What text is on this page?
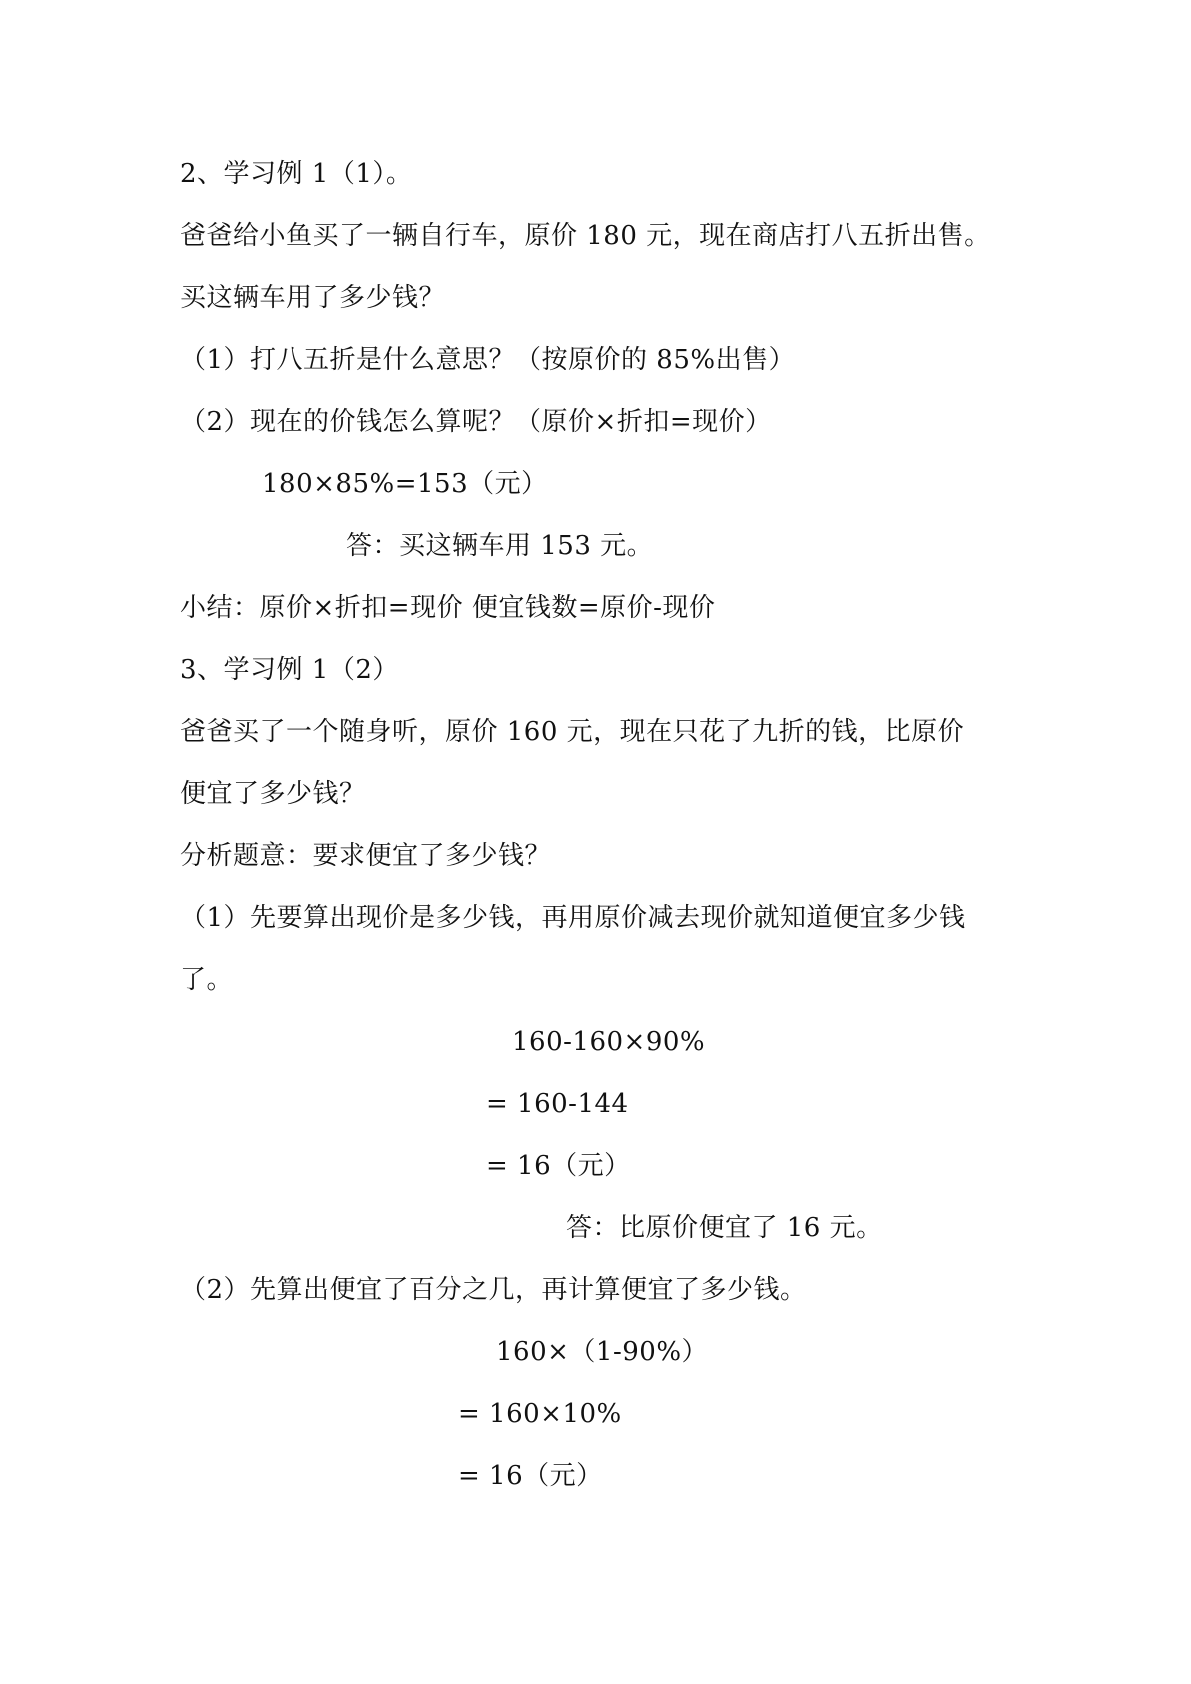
2、学习例 1（1）。
爸爸给小鱼买了一辆自行车，原价 180 元，现在商店打八五折出售。
买这辆车用了多少钱？
（1）打八五折是什么意思？（按原价的 85%出售）
（2）现在的价钱怎么算呢？（原价×折扣=现价）
180×85%=153（元）
答：买这辆车用 153 元。
小结：原价×折扣=现价 便宜钱数=原价-现价
3、学习例 1（2）
爸爸买了一个随身听，原价 160 元，现在只花了九折的钱，比原价
便宜了多少钱？
分析题意：要求便宜了多少钱？
（1）先要算出现价是多少钱，再用原价减去现价就知道便宜多少钱
了。
160-160×90%
= 160-144
= 16（元）
答：比原价便宜了 16 元。
（2）先算出便宜了百分之几，再计算便宜了多少钱。
160×（1-90%）
= 160×10%
= 16（元）
